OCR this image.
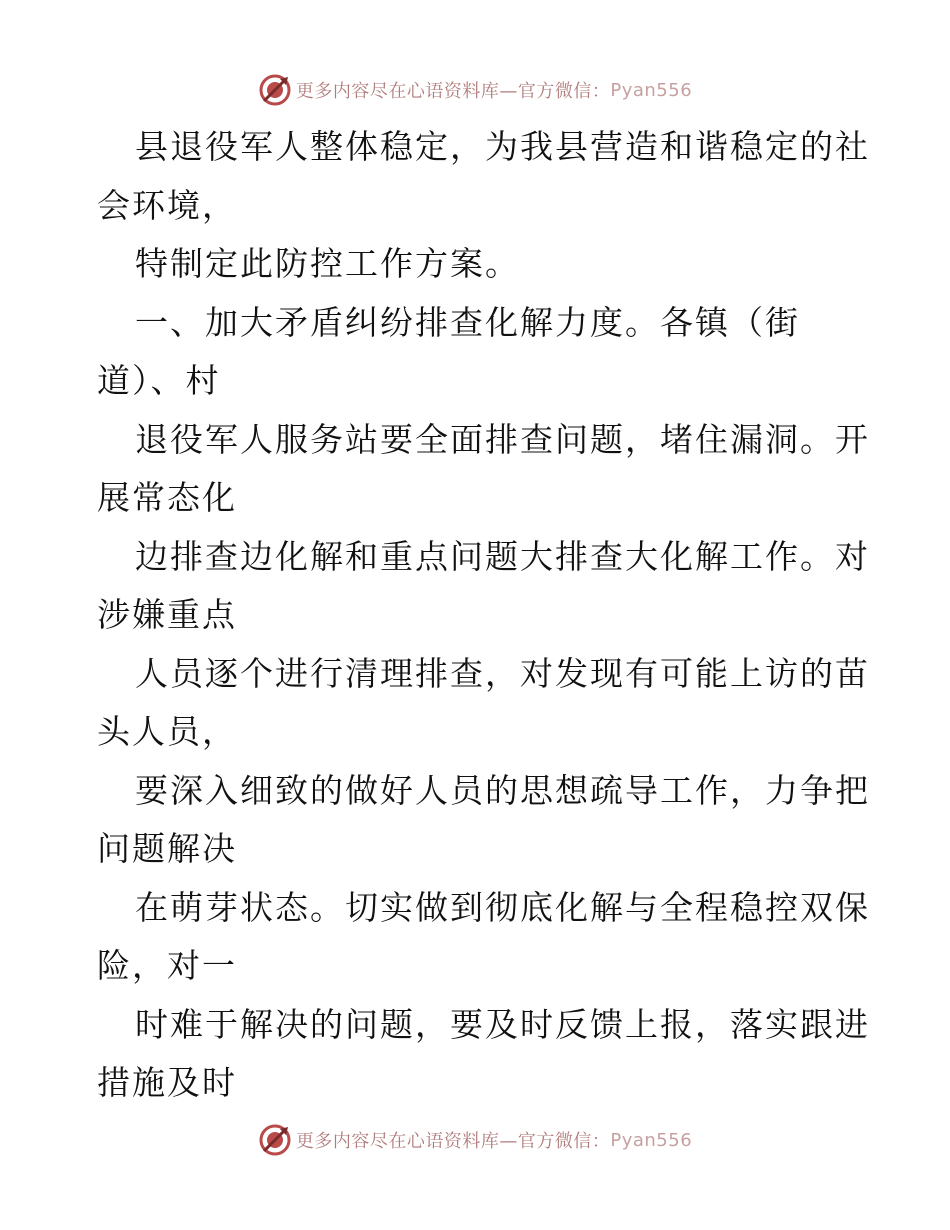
更多内容尽在心语资料库—官方微信： Pyan556
县退役军人整体稳定，为我县营造和谐稳定的社
会环境，
特制定此防控工作方案。
一、加大矛盾纠纷排查化解力度。各镇（街
道）、村
退役军人服务站要全面排查问题，堵住漏洞。开
展常态化
边排查边化解和重点问题大排查大化解工作。对
涉嫌重点
人员逐个进行清理排查，对发现有可能上访的苗
头人员，
要深入细致的做好人员的思想疏导工作，力争把
问题解决
在萌芽状态。切实做到彻底化解与全程稳控双保
险，对一
时难于解决的问题，要及时反馈上报，落实跟进
措施及时
更多内容尽在心语资料库—官方微信： Pyan556
